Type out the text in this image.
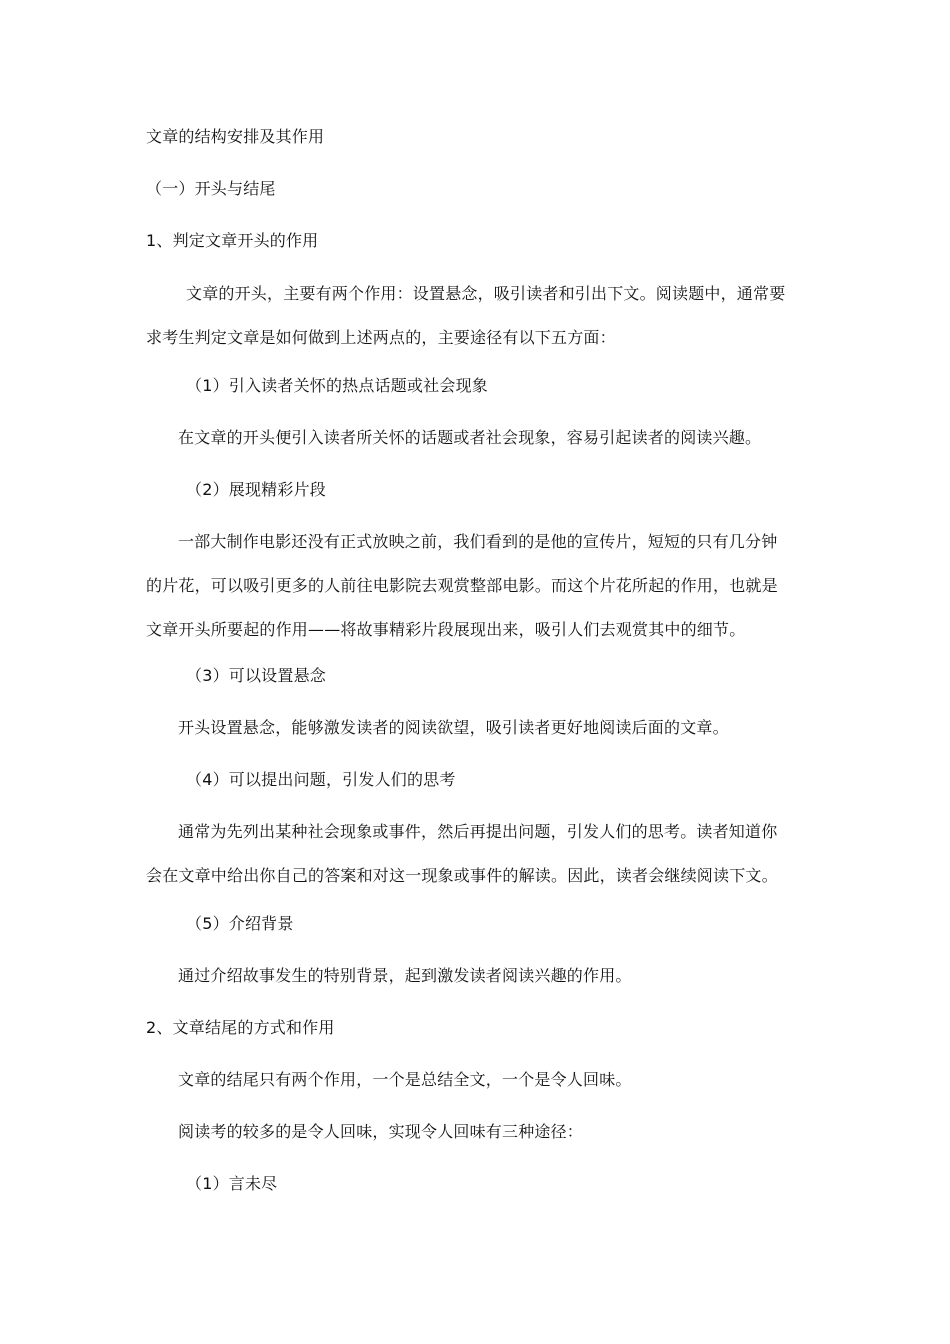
文章的结构安排及其作用
（一）开头与结尾
1、判定文章开头的作用
文章的开头，主要有两个作用：设置悬念，吸引读者和引出下文。阅读题中，通常要
求考生判定文章是如何做到上述两点的，主要途径有以下五方面：
（1）引入读者关怀的热点话题或社会现象
在文章的开头便引入读者所关怀的话题或者社会现象，容易引起读者的阅读兴趣。
（2）展现精彩片段
一部大制作电影还没有正式放映之前，我们看到的是他的宣传片，短短的只有几分钟
的片花，可以吸引更多的人前往电影院去观赏整部电影。而这个片花所起的作用，也就是
文章开头所要起的作用——将故事精彩片段展现出来，吸引人们去观赏其中的细节。
（3）可以设置悬念
开头设置悬念，能够激发读者的阅读欲望，吸引读者更好地阅读后面的文章。
（4）可以提出问题，引发人们的思考
通常为先列出某种社会现象或事件，然后再提出问题，引发人们的思考。读者知道你
会在文章中给出你自己的答案和对这一现象或事件的解读。因此，读者会继续阅读下文。
（5）介绍背景
通过介绍故事发生的特别背景，起到激发读者阅读兴趣的作用。
2、文章结尾的方式和作用
文章的结尾只有两个作用，一个是总结全文，一个是令人回味。
阅读考的较多的是令人回味，实现令人回味有三种途径：
（1）言未尽
